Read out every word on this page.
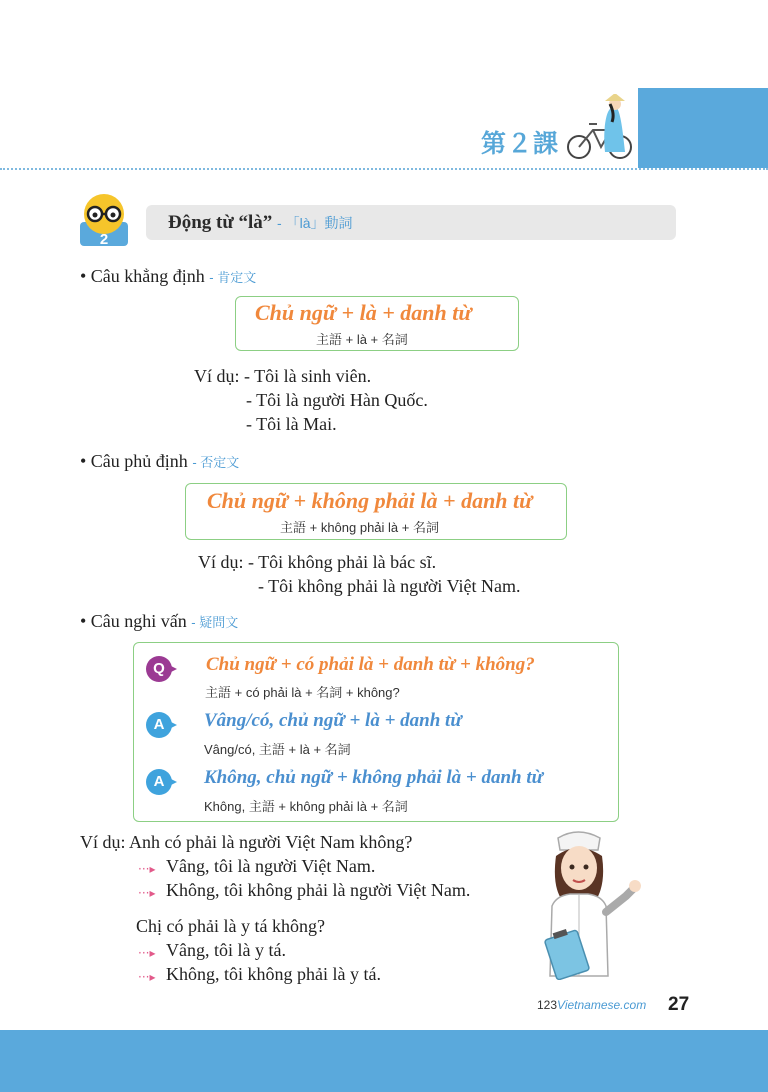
第２課
2
Động từ “là” - 「là」動詞
• Câu khẳng định - 肯定文
Chủ ngữ + là + danh từ
主語 + là + 名詞
Ví dụ: - Tôi là sinh viên.
- Tôi là người Hàn Quốc.
- Tôi là Mai.
• Câu phủ định - 否定文
Chủ ngữ + không phải là + danh từ
主語 + không phải là + 名詞
Ví dụ: - Tôi không phải là bác sĩ.
- Tôi không phải là người Việt Nam.
• Câu nghi vấn - 疑問文
Q	Chủ ngữ + có phải là + danh từ + không?
主語 + có phải là + 名詞 + không?
A	Vâng/có, chủ ngữ + là + danh từ
Vâng/có, 主語 + là + 名詞
A	Không, chủ ngữ + không phải là + danh từ
Không, 主語 + không phải là + 名詞
Ví dụ: Anh có phải là người Việt Nam không?
···▸ Vâng, tôi là người Việt Nam.
···▸ Không, tôi không phải là người Việt Nam.
Chị có phải là y tá không?
···▸ Vâng, tôi là y tá.
···▸ Không, tôi không phải là y tá.
123Vietnamese.com 27
